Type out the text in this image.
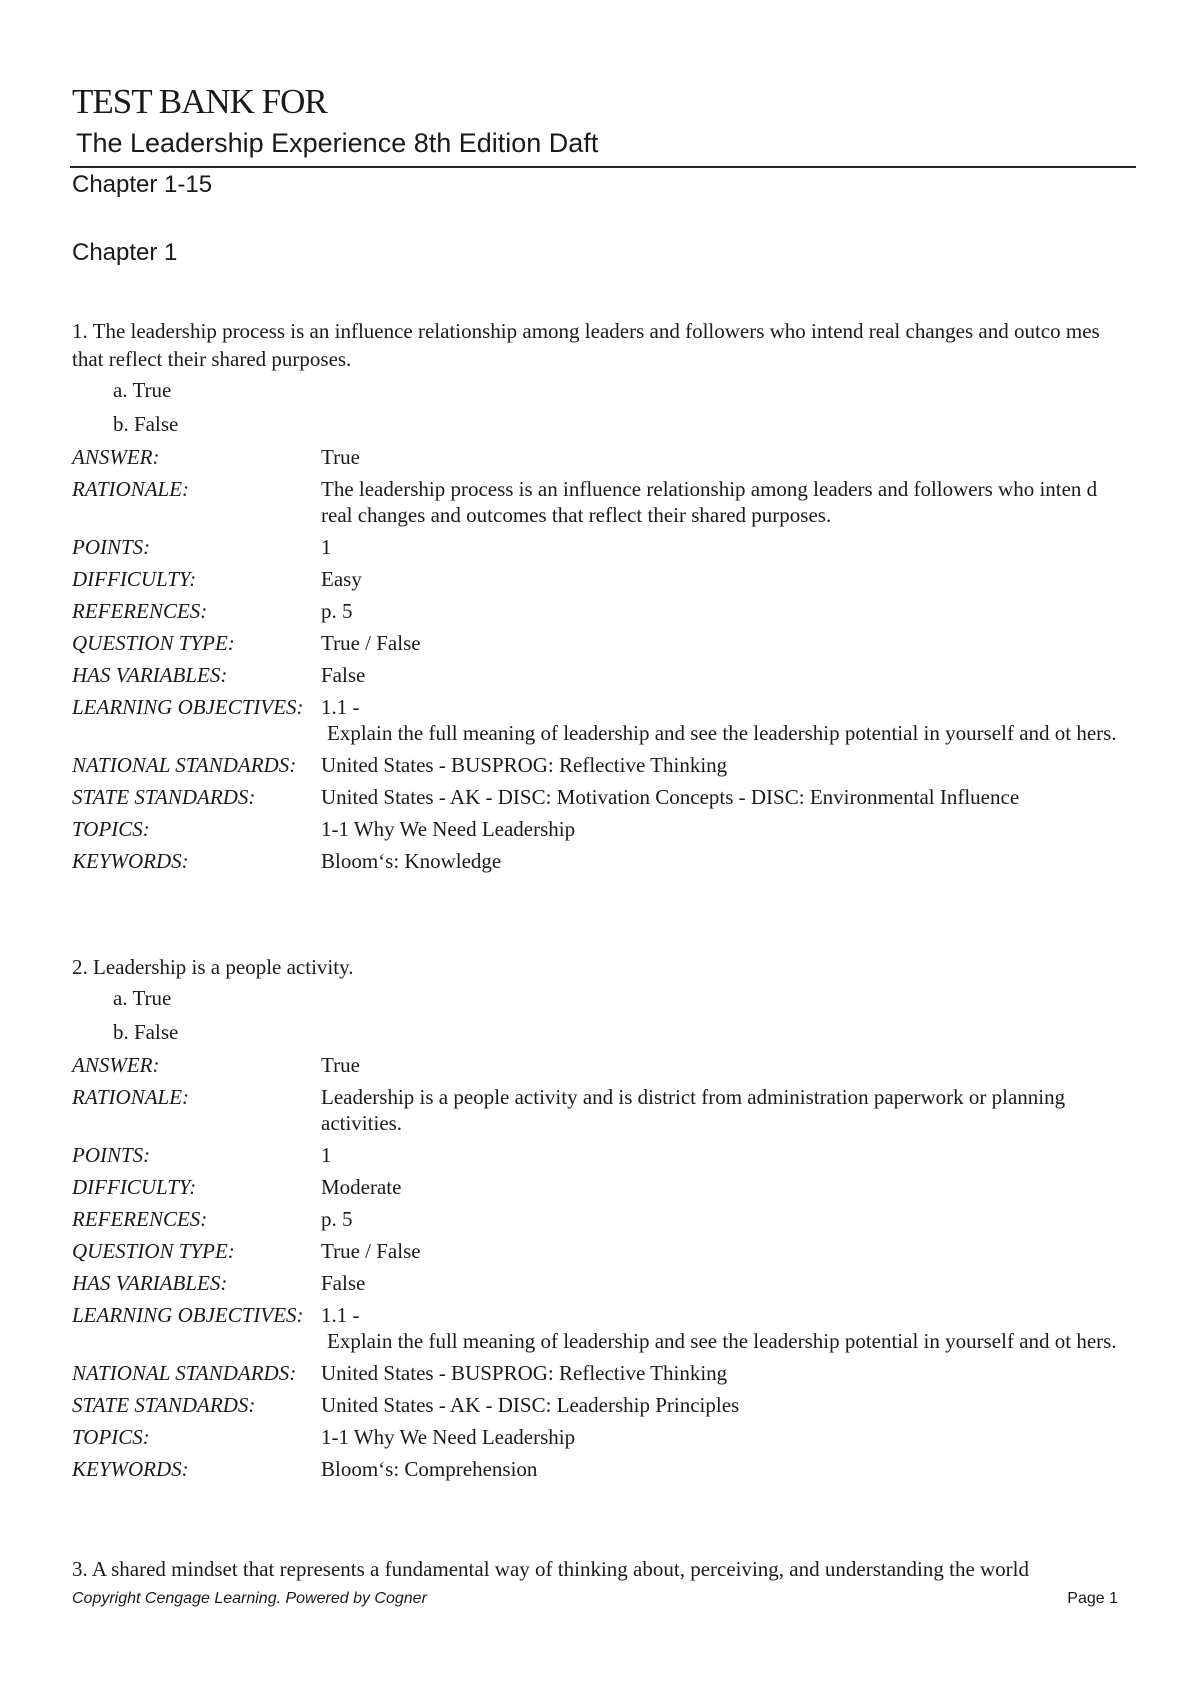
TEST BANK FOR
The Leadership Experience 8th Edition Daft
Chapter 1-15
Chapter 1

1. The leadership process is an influence relationship among leaders and followers who intend real changes and outco mes that reflect their shared purposes.

a. True
b. False
ANSWER:	True
RATIONALE:	The leadership process is an influence relationship among leaders and followers who inten d real changes and outcomes that reflect their shared purposes.
POINTS:	1
DIFFICULTY:	Easy
REFERENCES:	p. 5
QUESTION TYPE:	True / False
HAS VARIABLES:	False
LEARNING OBJECTIVES: 1.1 -
Explain the full meaning of leadership and see the leadership potential in yourself and ot hers.
NATIONAL STANDARDS:	United States - BUSPROG: Reflective Thinking
STATE STANDARDS:	United States - AK - DISC: Motivation Concepts - DISC: Environmental Influence
TOPICS:	1-1 Why We Need Leadership
KEYWORDS:	Bloom‘s: Knowledge

2. Leadership is a people activity.

a. True
b. False
ANSWER:	True
RATIONALE:	Leadership is a people activity and is district from administration paperwork or planning activities.
POINTS:	1
DIFFICULTY:	Moderate
REFERENCES:	p. 5
QUESTION TYPE:	True / False
HAS VARIABLES:	False
LEARNING OBJECTIVES: 1.1 -
Explain the full meaning of leadership and see the leadership potential in yourself and ot hers.
NATIONAL STANDARDS:	United States - BUSPROG: Reflective Thinking
STATE STANDARDS:	United States - AK - DISC: Leadership Principles
TOPICS:	1-1 Why We Need Leadership
KEYWORDS:	Bloom‘s: Comprehension

3. A shared mindset that represents a fundamental way of thinking about, perceiving, and understanding the world

Copyright Cengage Learning. Powered by Cogner	Page 1
